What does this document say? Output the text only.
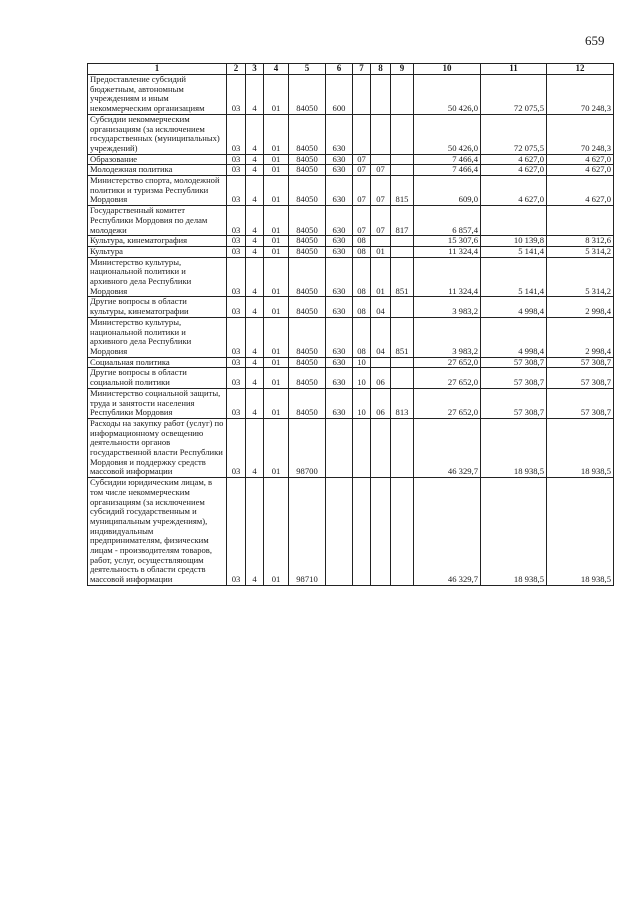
659
1	2	3	4	5	6	7	8	9	10	11	12
Предоставление субсидий бюджетным, автономным учреждениям и иным некоммерческим организациям	03	4	01	84050	600				50 426,0	72 075,5	70 248,3
Субсидии некоммерческим организациям (за исключением государственных (муниципальных) учреждений)	03	4	01	84050	630				50 426,0	72 075,5	70 248,3
Образование	03	4	01	84050	630	07			7 466,4	4 627,0	4 627,0
Молодежная политика	03	4	01	84050	630	07	07		7 466,4	4 627,0	4 627,0
Министерство спорта, молодежной политики и туризма Республики Мордовия	03	4	01	84050	630	07	07	815	609,0	4 627,0	4 627,0
Государственный комитет Республики Мордовия по делам молодежи	03	4	01	84050	630	07	07	817	6 857,4		
Культура, кинематография	03	4	01	84050	630	08			15 307,6	10 139,8	8 312,6
Культура	03	4	01	84050	630	08	01		11 324,4	5 141,4	5 314,2
Министерство культуры, национальной политики и архивного дела Республики Мордовия	03	4	01	84050	630	08	01	851	11 324,4	5 141,4	5 314,2
Другие вопросы в области культуры, кинематографии	03	4	01	84050	630	08	04		3 983,2	4 998,4	2 998,4
Министерство культуры, национальной политики и архивного дела Республики Мордовия	03	4	01	84050	630	08	04	851	3 983,2	4 998,4	2 998,4
Социальная политика	03	4	01	84050	630	10			27 652,0	57 308,7	57 308,7
Другие вопросы в области социальной политики	03	4	01	84050	630	10	06		27 652,0	57 308,7	57 308,7
Министерство социальной защиты, труда и занятости населения Республики Мордовия	03	4	01	84050	630	10	06	813	27 652,0	57 308,7	57 308,7
Расходы на закупку работ (услуг) по информационному освещению деятельности органов государственной власти Республики Мордовия и поддержку средств массовой информации	03	4	01	98700					46 329,7	18 938,5	18 938,5
Субсидии юридическим лицам, в том числе некоммерческим организациям (за исключением субсидий государственным и муниципальным учреждениям), индивидуальным предпринимателям, физическим лицам - производителям товаров, работ, услуг, осуществляющим деятельность в области средств массовой информации	03	4	01	98710					46 329,7	18 938,5	18 938,5
